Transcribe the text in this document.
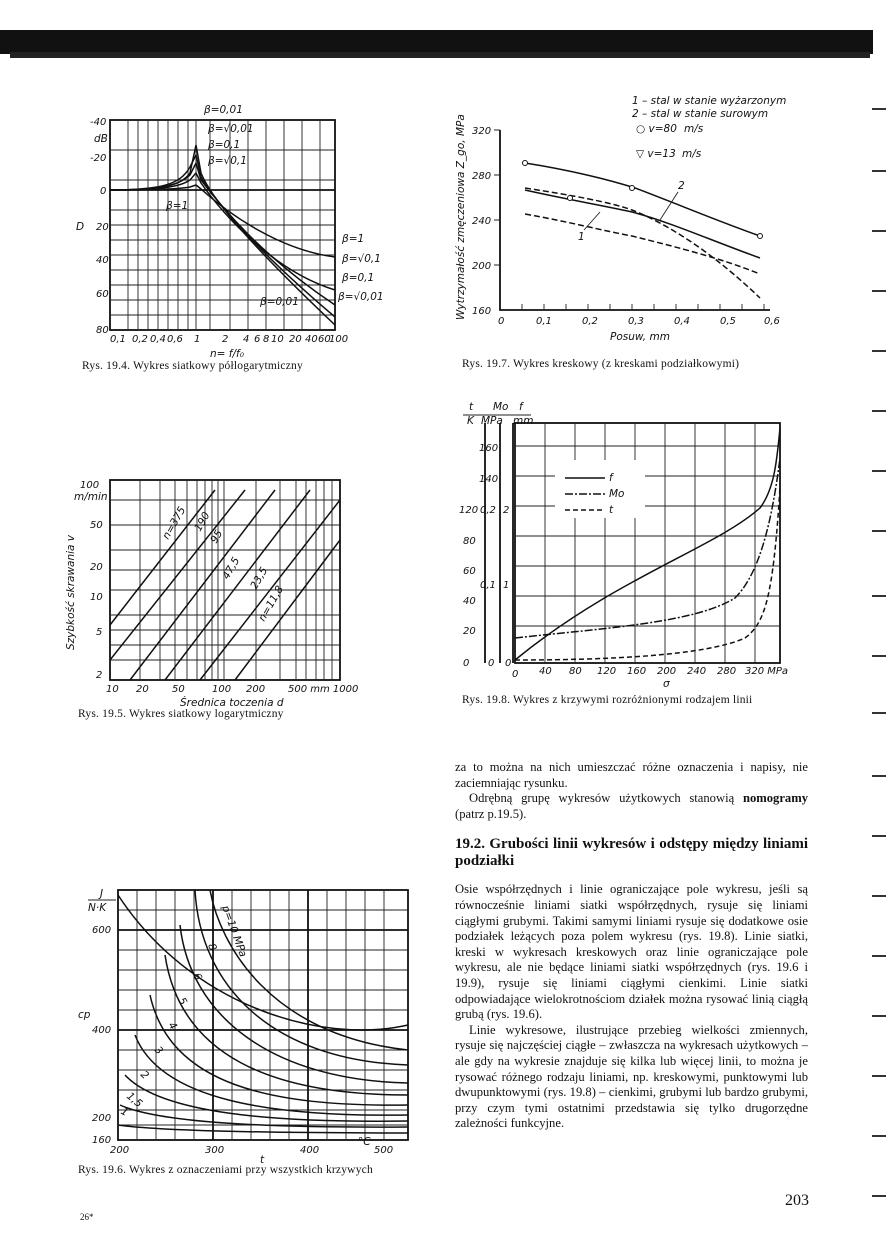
-40
dB
-20
0
20
D
40
60
80
0,1 0,2 0,4 0,6 1 2 4 6 8 10 20 40 60
100
n= f/f₀
β=0,01
β=√0,01
β=0,1
β=√0,1
β=1
β=1
β=√0,1
β=0,1
β=√0,01
β=0,01
Rys. 19.4. Wykres siatkowy półlogarytmiczny
1 – stal w stanie wyżarzonym
2 – stal w stanie surowym
○ v=80 m/s
▽ v=13 m/s
Wytrzymałość zmęczeniowa Z_go, MPa 320
280
240
200
160
0	0,1	0,2	0,3	0,4	0,5	0,6
Posuw, mm
2
1
Rys. 19.7. Wykres kreskowy (z kreskami podziałkowymi)
100
m/min
50
20
10
5
2
Szybkość skrawania v
10 20 50	100 200 500 mm 1000
Średnica toczenia d
n=375 190
95
47,5 23,5
n=11,8
Rys. 19.5. Wykres siatkowy logarytmiczny
t Mo f
K MPa mm
f
Mo
t
160
140
120 0,2 2
80
60
0,1 1
40
20
0 0 0
0 40 80 120 160 200 240 280 320 MPa
σ
Rys. 19.8. Wykres z krzywymi rozróżnionymi rodzajem linii
J
N·K
600
cp
400
200
160
200	300	400	500
°C
t
p=10 MPa
8
6
5
4
3
2
1,5
1
Rys. 19.6. Wykres z oznaczeniami przy wszystkich krzywych

za to można na nich umieszczać różne oznaczenia i napisy, nie zaciemniając rysunku.

Odrębną grupę wykresów użytkowych stanowią nomogramy (patrz p.19.5).

19.2. Grubości linii wykresów i odstępy między liniami podziałki

Osie współrzędnych i linie ograniczające pole wykresu, jeśli są równocześnie liniami siatki współrzędnych, rysuje się liniami ciągłymi grubymi. Takimi samymi liniami rysuje się dodatkowe osie podziałek leżących poza polem wykresu (rys. 19.8). Linie siatki, kreski w wykresach kreskowych oraz linie ograniczające pole wykresu, ale nie będące liniami siatki współrzędnych (rys. 19.6 i 19.9), rysuje się liniami ciągłymi cienkimi. Linie siatki odpowiadające wielokrotnościom działek można rysować linią ciągłą grubą (rys. 19.6).

Linie wykresowe, ilustrujące przebieg wielkości zmiennych, rysuje się najczęściej ciągłe – zwłaszcza na wykresach użytkowych – ale gdy na wykresie znajduje się kilka lub więcej linii, to można je rysować różnego rodzaju liniami, np. kreskowymi, punktowymi lub dwupunktowymi (rys. 19.8) – cienkimi, grubymi lub bardzo grubymi, przy czym tymi ostatnimi przedstawia się tylko drugorzędne zależności funkcyjne.

203
26*
